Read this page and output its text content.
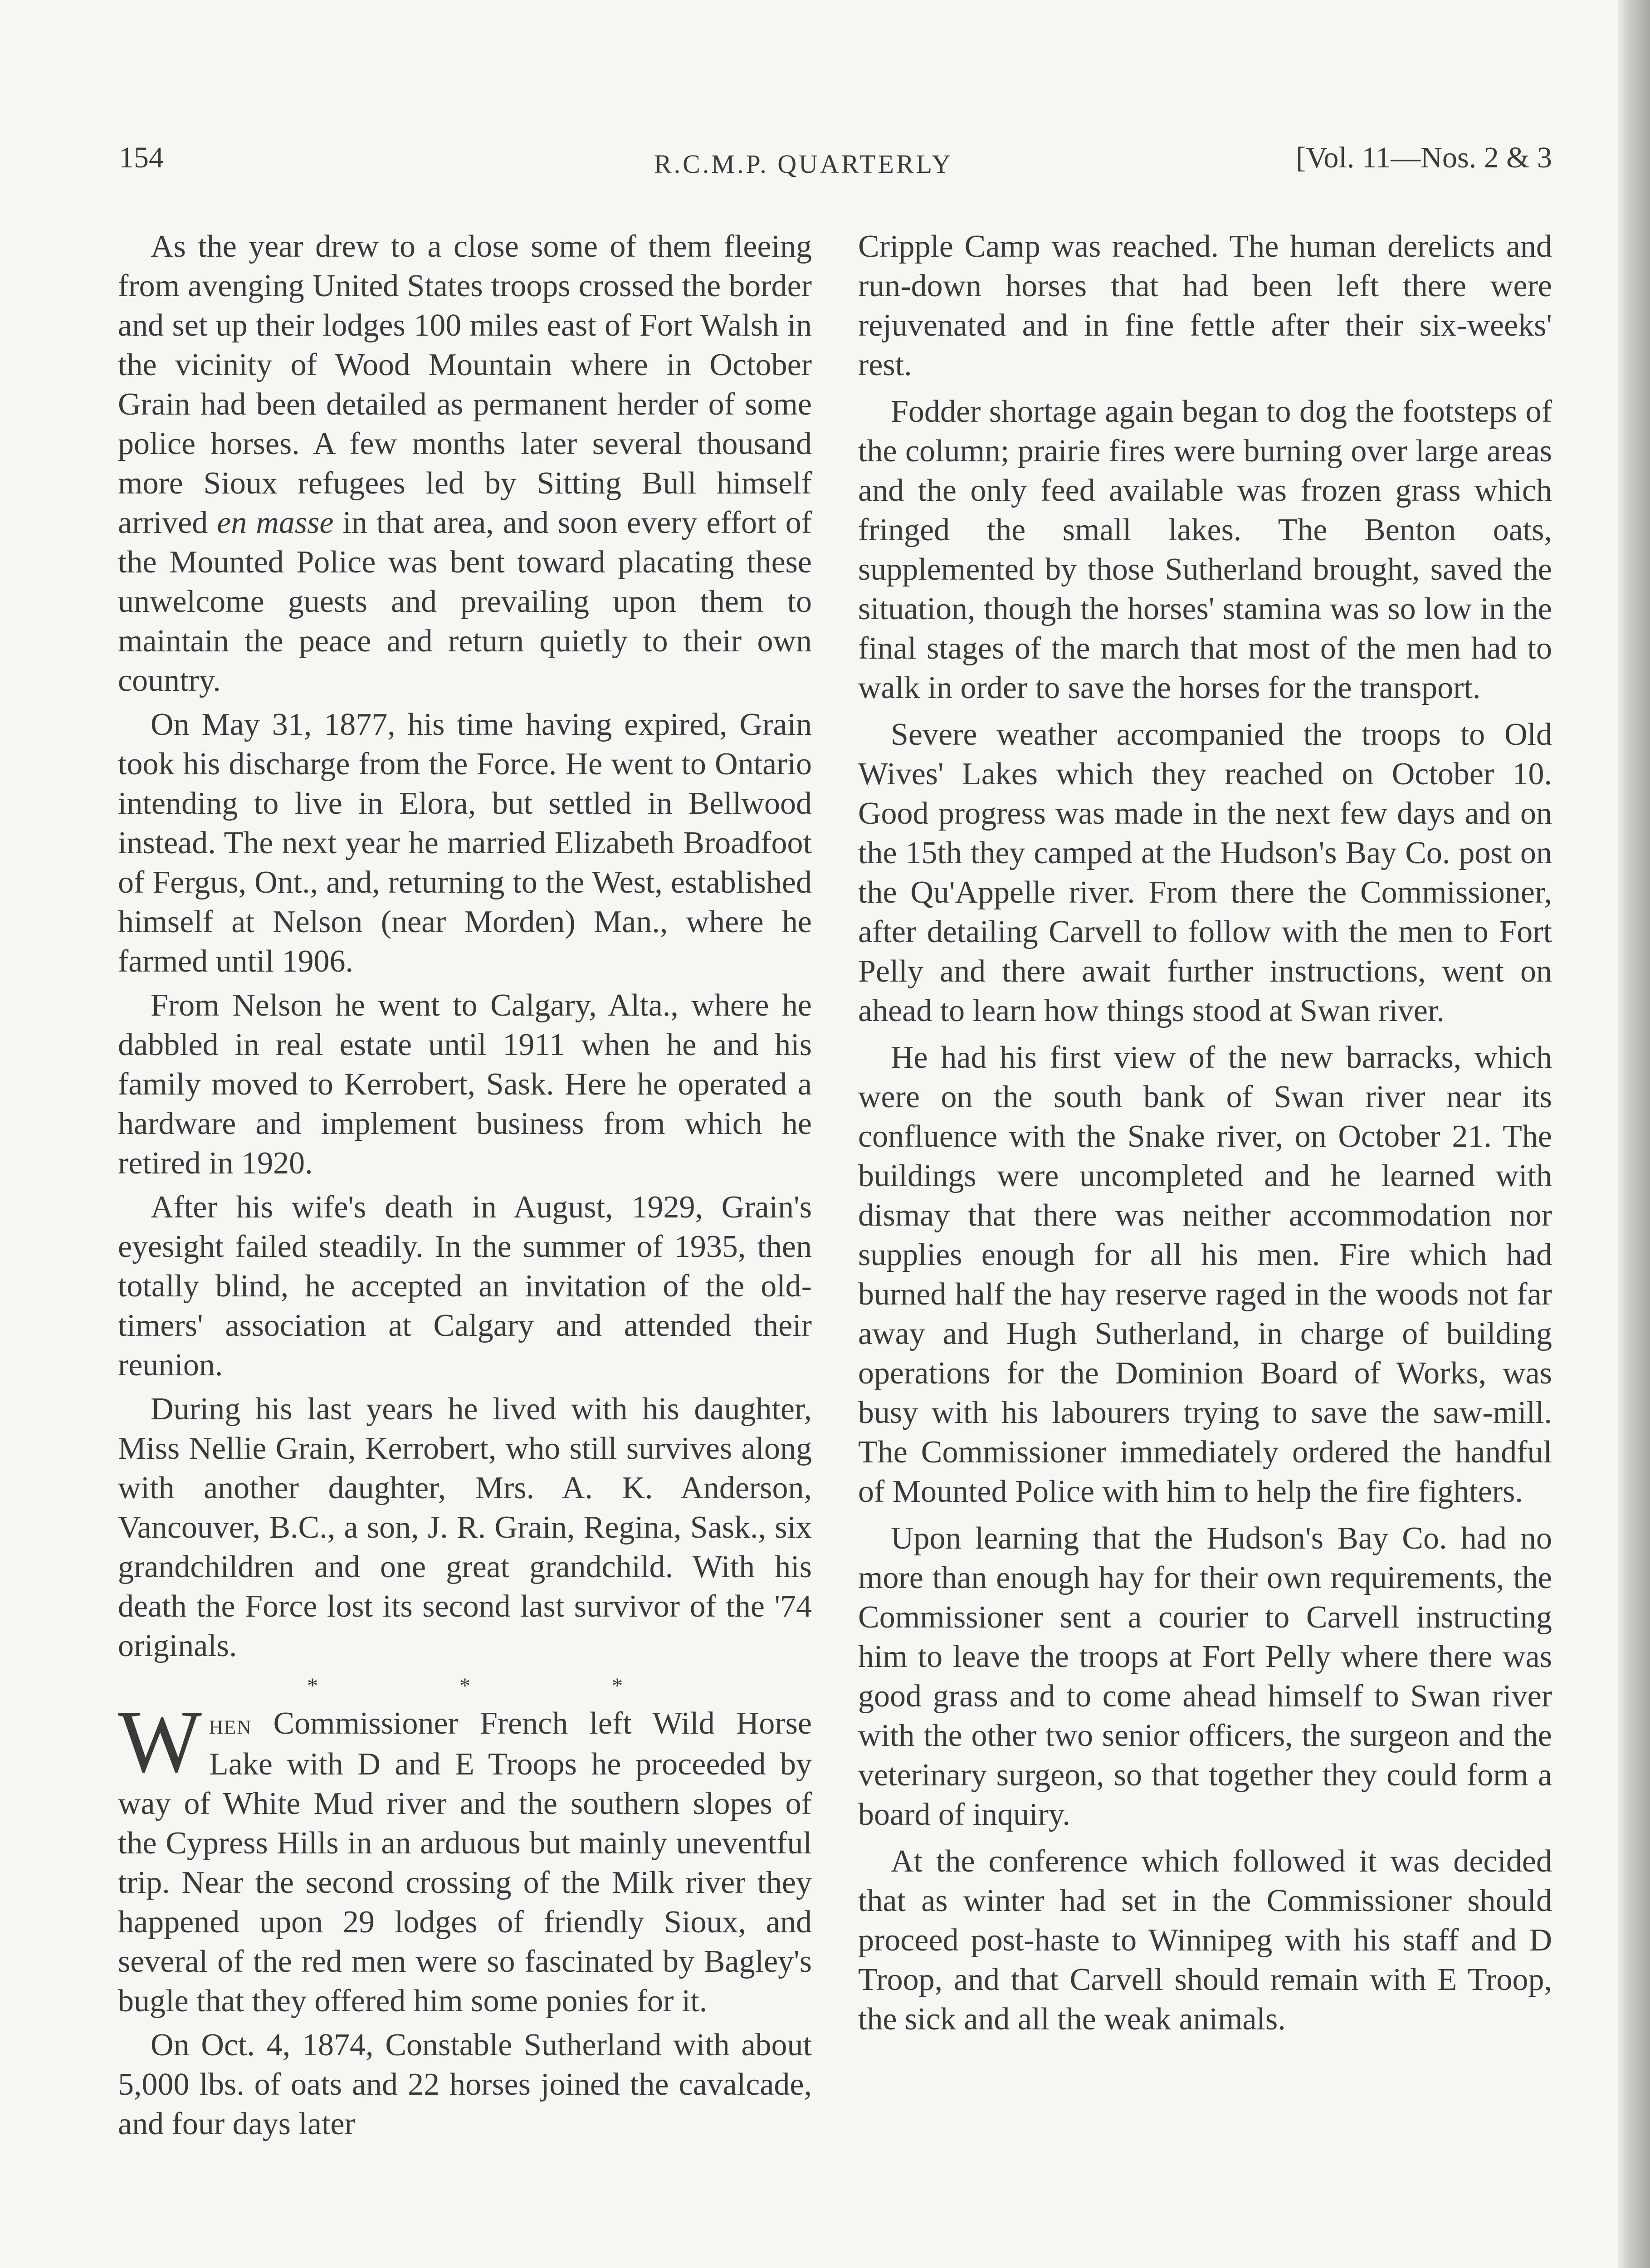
154	R.C.M.P. QUARTERLY	[Vol. 11—Nos. 2 & 3

As the year drew to a close some of them fleeing from avenging United States troops crossed the border and set up their lodges 100 miles east of Fort Walsh in the vicinity of Wood Mountain where in October Grain had been detailed as permanent herder of some police horses. A few months later several thousand more Sioux refugees led by Sitting Bull himself arrived en masse in that area, and soon every effort of the Mounted Police was bent toward placating these unwelcome guests and prevailing upon them to maintain the peace and return quietly to their own country.

On May 31, 1877, his time having expired, Grain took his discharge from the Force. He went to Ontario intending to live in Elora, but settled in Bellwood instead. The next year he married Elizabeth Broadfoot of Fergus, Ont., and, returning to the West, established himself at Nelson (near Morden) Man., where he farmed until 1906.

From Nelson he went to Calgary, Alta., where he dabbled in real estate until 1911 when he and his family moved to Kerrobert, Sask. Here he operated a hardware and implement business from which he retired in 1920.

After his wife's death in August, 1929, Grain's eyesight failed steadily. In the summer of 1935, then totally blind, he accepted an invitation of the old-timers' association at Calgary and attended their reunion.

During his last years he lived with his daughter, Miss Nellie Grain, Kerrobert, who still survives along with another daughter, Mrs. A. K. Anderson, Vancouver, B.C., a son, J. R. Grain, Regina, Sask., six grandchildren and one great grandchild. With his death the Force lost its second last survivor of the '74 originals.

* * *

When Commissioner French left Wild Horse Lake with D and E Troops he proceeded by way of White Mud river and the southern slopes of the Cypress Hills in an arduous but mainly uneventful trip. Near the second crossing of the Milk river they happened upon 29 lodges of friendly Sioux, and several of the red men were so fascinated by Bagley's bugle that they offered him some ponies for it.

On Oct. 4, 1874, Constable Sutherland with about 5,000 lbs. of oats and 22 horses joined the cavalcade, and four days later

Cripple Camp was reached. The human derelicts and run-down horses that had been left there were rejuvenated and in fine fettle after their six-weeks' rest.

Fodder shortage again began to dog the footsteps of the column; prairie fires were burning over large areas and the only feed available was frozen grass which fringed the small lakes. The Benton oats, supplemented by those Sutherland brought, saved the situation, though the horses' stamina was so low in the final stages of the march that most of the men had to walk in order to save the horses for the transport.

Severe weather accompanied the troops to Old Wives' Lakes which they reached on October 10. Good progress was made in the next few days and on the 15th they camped at the Hudson's Bay Co. post on the Qu'Appelle river. From there the Commissioner, after detailing Carvell to follow with the men to Fort Pelly and there await further instructions, went on ahead to learn how things stood at Swan river.

He had his first view of the new barracks, which were on the south bank of Swan river near its confluence with the Snake river, on October 21. The buildings were uncompleted and he learned with dismay that there was neither accommodation nor supplies enough for all his men. Fire which had burned half the hay reserve raged in the woods not far away and Hugh Sutherland, in charge of building operations for the Dominion Board of Works, was busy with his labourers trying to save the saw-mill. The Commissioner immediately ordered the handful of Mounted Police with him to help the fire fighters.

Upon learning that the Hudson's Bay Co. had no more than enough hay for their own requirements, the Commissioner sent a courier to Carvell instructing him to leave the troops at Fort Pelly where there was good grass and to come ahead himself to Swan river with the other two senior officers, the surgeon and the veterinary surgeon, so that together they could form a board of inquiry.

At the conference which followed it was decided that as winter had set in the Commissioner should proceed post-haste to Winnipeg with his staff and D Troop, and that Carvell should remain with E Troop, the sick and all the weak animals.
